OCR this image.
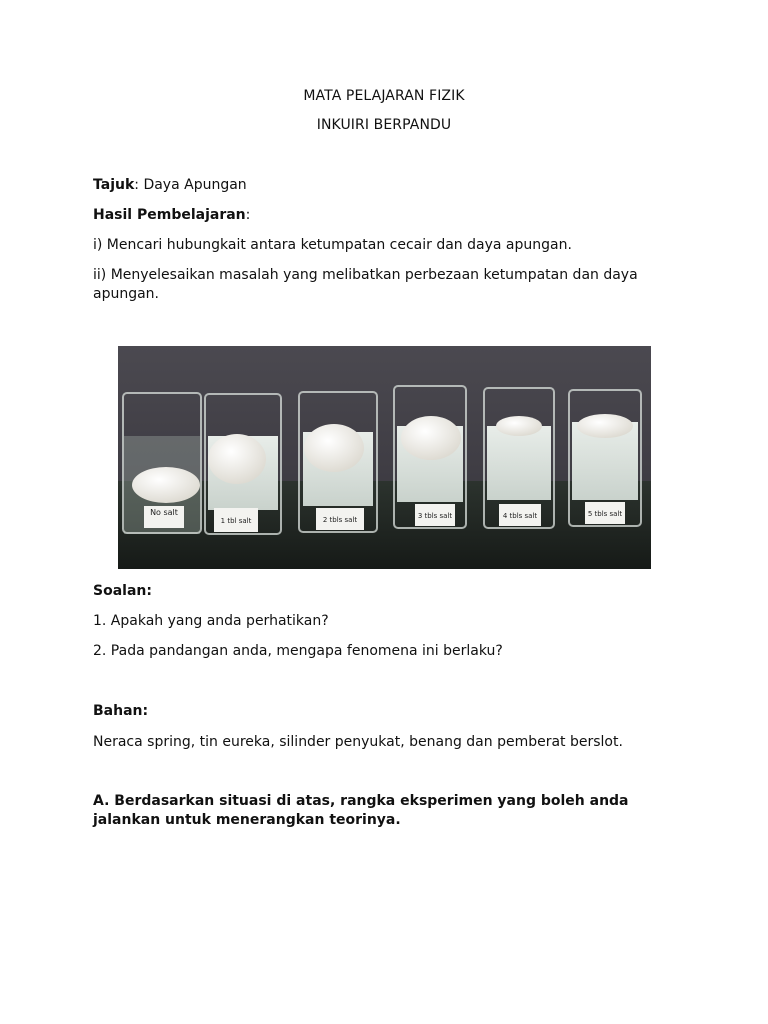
MATA PELAJARAN FIZIK
INKUIRI BERPANDU
Tajuk: Daya Apungan
Hasil Pembelajaran:
i) Mencari hubungkait antara ketumpatan cecair dan daya apungan.
ii) Menyelesaikan masalah yang melibatkan perbezaan ketumpatan dan daya apungan.
No salt
1 tbl salt	2 tbls salt	3 tbls salt	4 tbls salt	5 tbls salt
Soalan:
1. Apakah yang anda perhatikan?
2. Pada pandangan anda, mengapa fenomena ini berlaku?
Bahan:
Neraca spring, tin eureka, silinder penyukat, benang dan pemberat berslot.
A. Berdasarkan situasi di atas, rangka eksperimen yang boleh anda jalankan untuk menerangkan teorinya.
